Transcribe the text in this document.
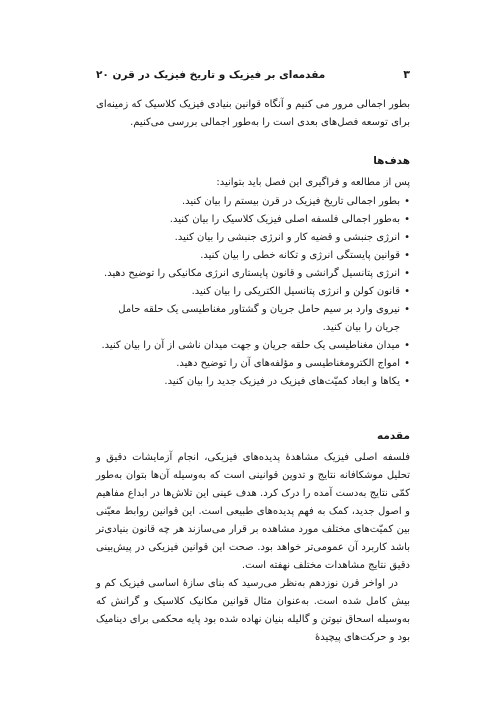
۳
مقدمه‌ای بر فیزیک و تاریخ فیزیک در قرن ۲۰

بطور اجمالی مرور می کنیم و آنگاه قوانین بنیادی فیزیک کلاسیک که زمینه‌ای برای توسعه فصل‌های بعدی است را به‌طور اجمالی بررسی می‌کنیم.

هدف‌ها

پس از مطالعه و فراگیری این فصل باید بتوانید:

• بطور اجمالی تاریخ فیزیک در قرن بیستم را بیان کنید.
• به‌طور اجمالی فلسفه اصلی فیزیک کلاسیک را بیان کنید.
• انرژی جنبشی و قضیه کار و انرژی جنبشی را بیان کنید.
• قوانین پایستگی انرژی و تکانه خطی را بیان کنید.
• انرژی پتانسیل گرانشی و قانون پایستاری انرژی مکانیکی را توضیح دهید.
• قانون کولن و انرژی پتانسیل الکتریکی را بیان کنید.
• نیروی وارد بر سیم حامل جریان و گشتاور مغناطیسی یک حلقه حامل جریان را بیان کنید.
• میدان مغناطیسی یک حلقه جریان و جهت میدان ناشی از آن را بیان کنید.
• امواج الکترومغناطیسی و مؤلفه‌های آن را توضیح دهید.
• یکاها و ابعاد کمیّت‌های فیزیک در فیزیک جدید را بیان کنید.
مقدمه

فلسفه اصلی فیزیک مشاهدۀ پدیده‌های فیزیکی، انجام آزمایشات دقیق و تحلیل موشکافانه نتایج و تدوین قوانینی است که به‌وسیله آن‌ها بتوان به‌طور کمّی نتایج به‌دست آمده را درک کرد. هدف عینی این تلاش‌ها در ابداع مفاهیم و اصول جدید، کمک به فهم پدیده‌های طبیعی است. این قوانین روابط معیّنی بین کمیّت‌های مختلف مورد مشاهده بر قرار می‌سازند هر چه قانون بنیادی‌تر باشد کاربرد آن عمومی‌تر خواهد بود. صحت این قوانین فیزیکی در پیش‌بینی دقیق نتایج مشاهدات مختلف نهفته است.

در اواخر قرن نوزدهم به‌نظر می‌رسید که بنای سازۀ اساسی فیزیک کم و بیش کامل شده است. به‌عنوان مثال قوانین مکانیک کلاسیک و گرانش که به‌وسیله اسحاق نیوتن و گالیله بنیان نهاده شده بود پایه محکمی برای دینامیک بود و حرکت‌های پیچیدۀ
